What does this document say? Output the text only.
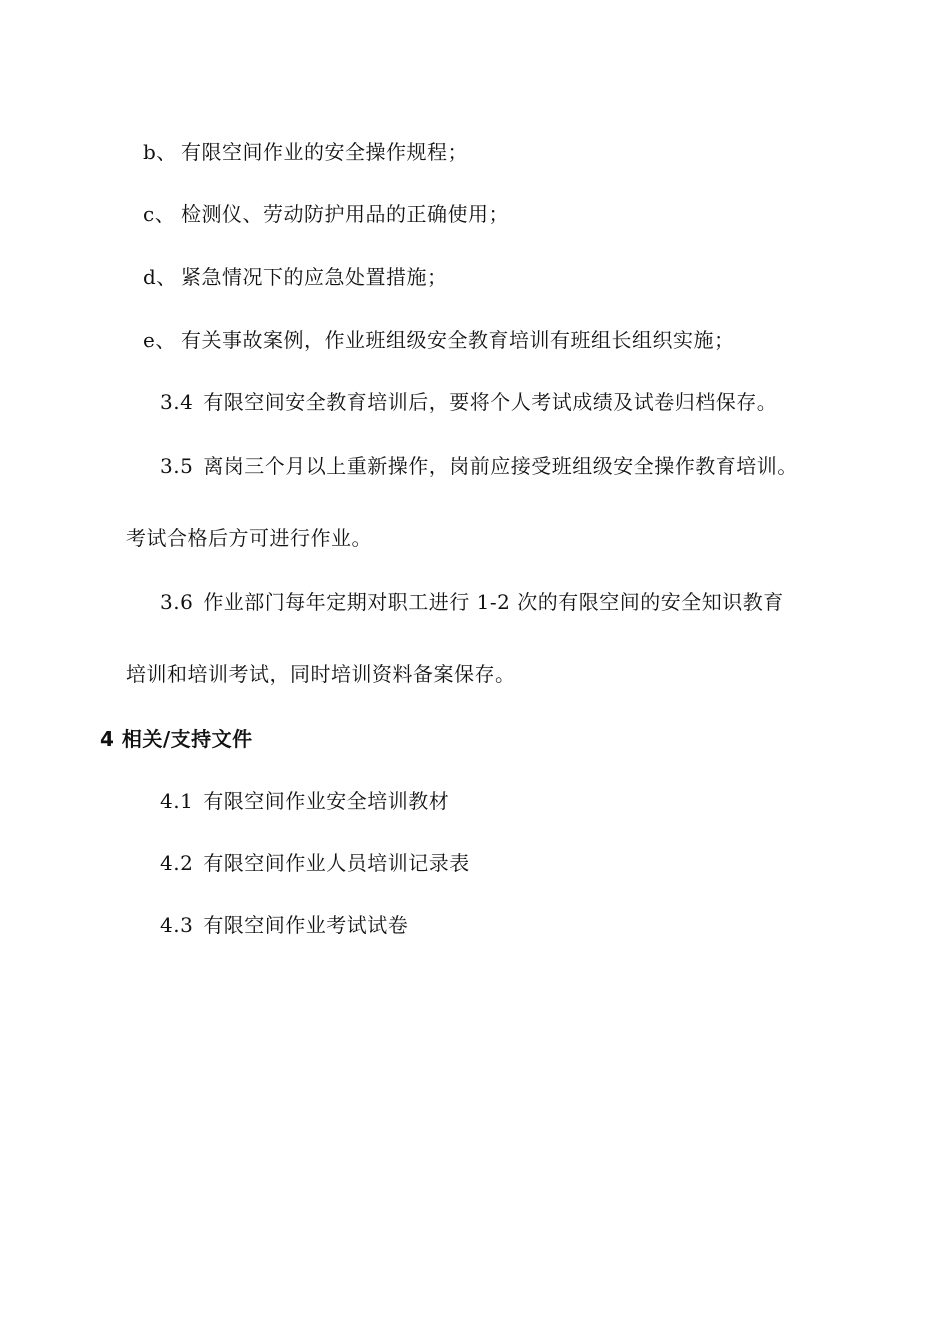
b、 有限空间作业的安全操作规程；
c、 检测仪、劳动防护用品的正确使用；
d、 紧急情况下的应急处置措施；
e、 有关事故案例，作业班组级安全教育培训有班组长组织实施；
3.4 有限空间安全教育培训后，要将个人考试成绩及试卷归档保存。
3.5 离岗三个月以上重新操作，岗前应接受班组级安全操作教育培训。
考试合格后方可进行作业。
3.6 作业部门每年定期对职工进行 1-2 次的有限空间的安全知识教育
培训和培训考试，同时培训资料备案保存。
4 相关/支持文件
4.1 有限空间作业安全培训教材
4.2 有限空间作业人员培训记录表
4.3 有限空间作业考试试卷
